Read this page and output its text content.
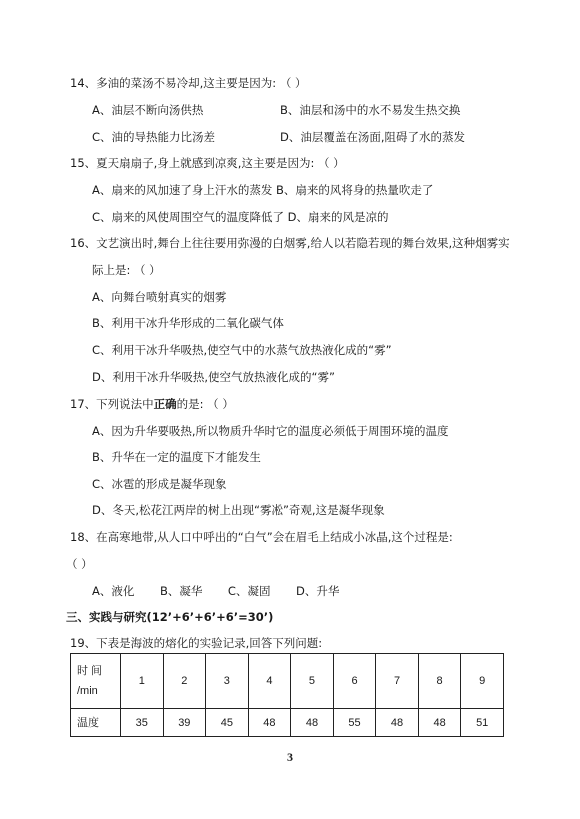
14、多油的菜汤不易冷却,这主要是因为: （ ）
A、油层不断向汤供热	B、油层和汤中的水不易发生热交换
C、油的导热能力比汤差	D、油层覆盖在汤面,阻碍了水的蒸发
15、夏天扇扇子,身上就感到凉爽,这主要是因为: （ ）
A、扇来的风加速了身上汗水的蒸发 B、扇来的风将身的热量吹走了
C、扇来的风使周围空气的温度降低了 D、扇来的风是凉的
16、文艺演出时,舞台上往往要用弥漫的白烟雾,给人以若隐若现的舞台效果,这种烟雾实
际上是: （ ）
A、向舞台喷射真实的烟雾
B、利用干冰升华形成的二氧化碳气体
C、利用干冰升华吸热,使空气中的水蒸气放热液化成的“雾”
D、利用干冰升华吸热,使空气放热液化成的“雾”
17、下列说法中正确的是: （ ）
A、因为升华要吸热,所以物质升华时它的温度必须低于周围环境的温度
B、升华在一定的温度下才能发生
C、冰雹的形成是凝华现象
D、冬天,松花江两岸的树上出现“雾凇”奇观,这是凝华现象
18、在高寒地带,从人口中呼出的“白气”会在眉毛上结成小冰晶,这个过程是:
（ ）
A、液化       B、凝华       C、凝固       D、升华
三、实践与研究(12’+6’+6’+6’=30’)
19、下表是海波的熔化的实验记录,回答下列问题:
时 间
/min	1	2	3	4	5	6	7	8	9
温度	35	39	45	48	48	55	48	48	51
3
